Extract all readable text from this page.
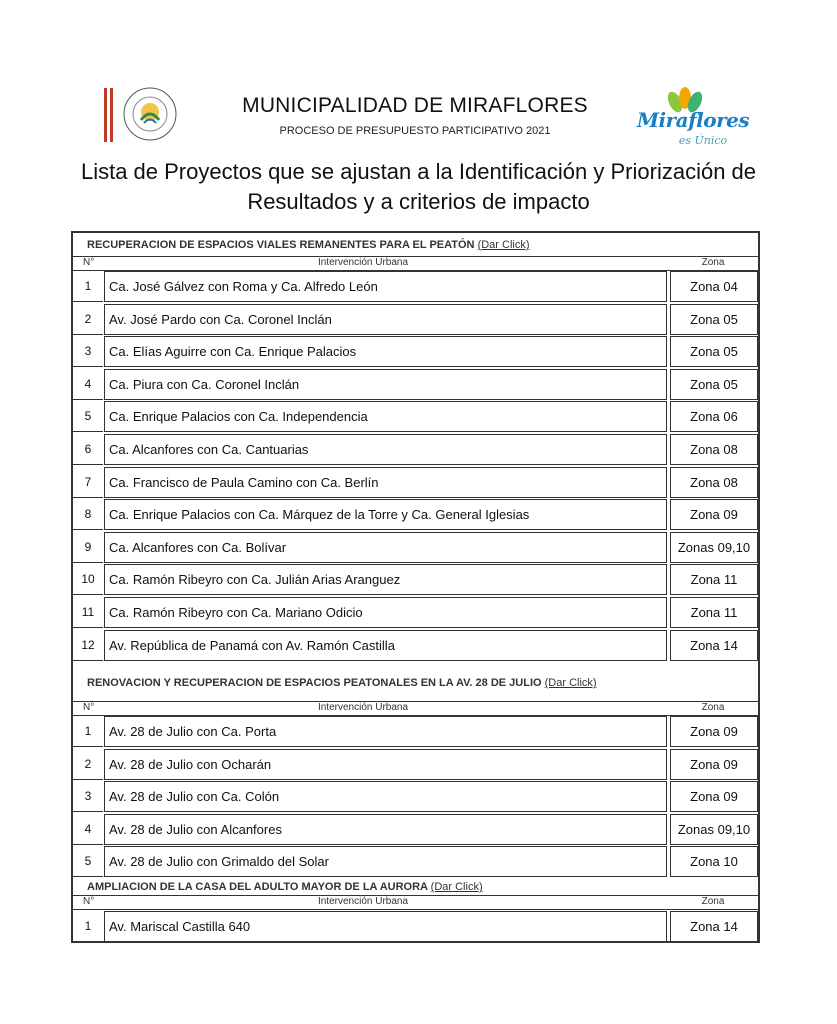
MUNICIPALIDAD DE MIRAFLORES
PROCESO DE PRESUPUESTO PARTICIPATIVO 2021	Miraflores
es Único
Lista de Proyectos que se ajustan a la Identificación y Priorización de
Resultados y a criterios de impacto
RECUPERACION DE ESPACIOS VIALES REMANENTES PARA EL PEATÓN (Dar Click)
N°	Intervención Urbana	Zona
1	Ca. José Gálvez con Roma y Ca. Alfredo León	Zona 04
2	Av. José Pardo con Ca. Coronel Inclán	Zona 05
3	Ca. Elías Aguirre con Ca. Enrique Palacios	Zona 05
4	Ca. Piura con Ca. Coronel Inclán	Zona 05
5	Ca. Enrique Palacios con Ca. Independencia	Zona 06
6	Ca. Alcanfores con Ca. Cantuarias	Zona 08
7	Ca. Francisco de Paula Camino con Ca. Berlín	Zona 08
8	Ca. Enrique Palacios con Ca. Márquez de la Torre y Ca. General Iglesias	Zona 09
9	Ca. Alcanfores con Ca. Bolívar	Zonas 09,10
10	Ca. Ramón Ribeyro con Ca. Julián Arias Aranguez	Zona 11
11	Ca. Ramón Ribeyro con Ca. Mariano Odicio	Zona 11
12	Av. República de Panamá con Av. Ramón Castilla	Zona 14
RENOVACION Y RECUPERACION DE ESPACIOS PEATONALES EN LA AV. 28 DE JULIO (Dar Click)
N°	Intervención Urbana	Zona
1	Av. 28 de Julio con Ca. Porta	Zona 09
2	Av. 28 de Julio con Ocharán	Zona 09
3	Av. 28 de Julio con Ca. Colón	Zona 09
4	Av. 28 de Julio con Alcanfores	Zonas 09,10
5	Av. 28 de Julio con Grimaldo del Solar	Zona 10
AMPLIACION DE LA CASA DEL ADULTO MAYOR DE LA AURORA (Dar Click)
N°	Intervención Urbana	Zona
1	Av. Mariscal Castilla 640	Zona 14
